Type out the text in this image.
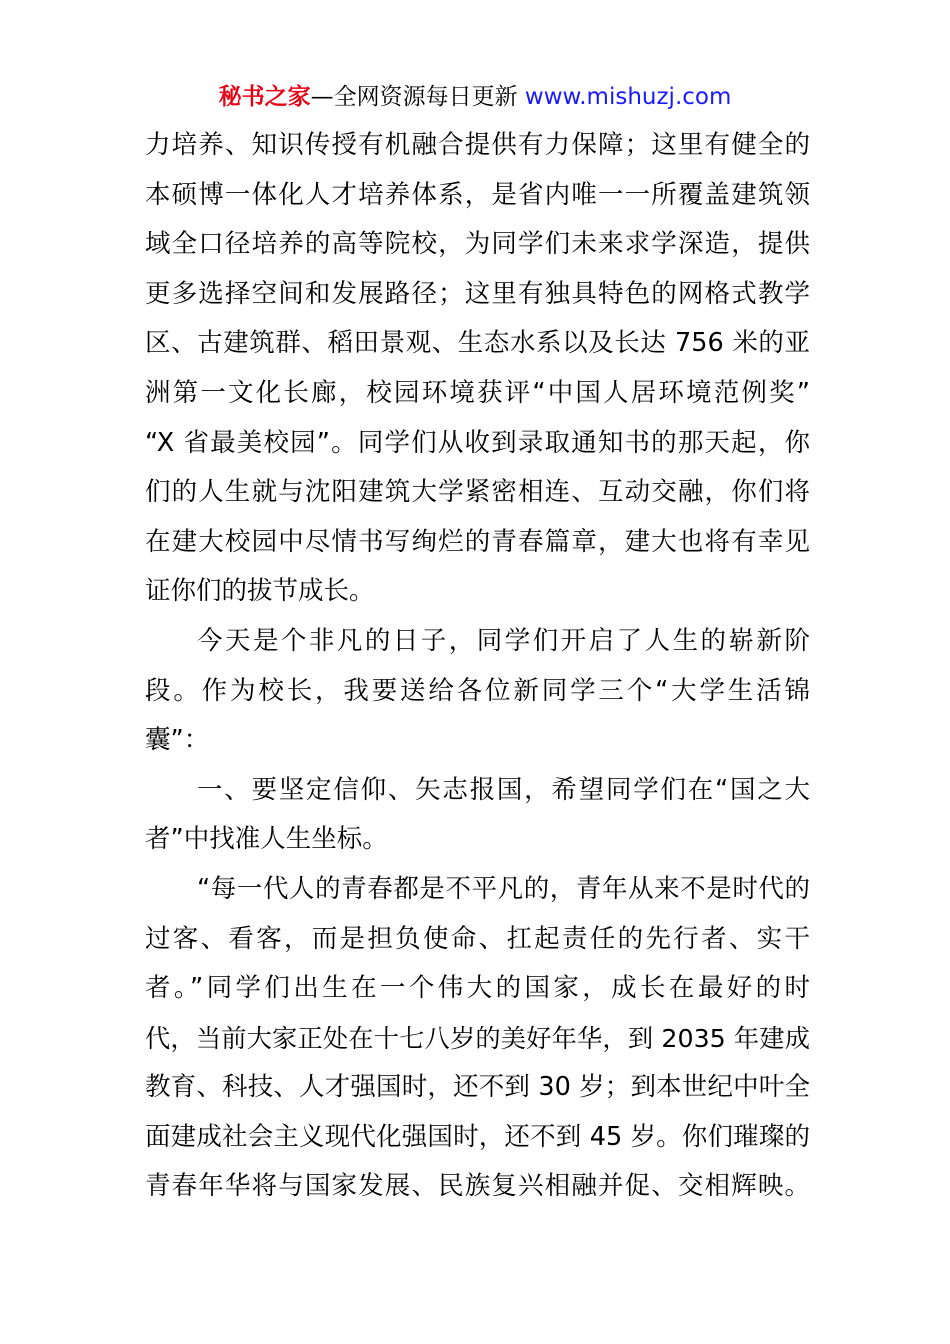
秘书之家—全网资源每日更新 www.mishuzj.com
力培养、知识传授有机融合提供有力保障；这里有健全的
本硕博一体化人才培养体系，是省内唯一一所覆盖建筑领
域全口径培养的高等院校，为同学们未来求学深造，提供
更多选择空间和发展路径；这里有独具特色的网格式教学
区、古建筑群、稻田景观、生态水系以及长达 756 米的亚
洲第一文化长廊，校园环境获评“中国人居环境范例奖”
“X 省最美校园”。同学们从收到录取通知书的那天起，你
们的人生就与沈阳建筑大学紧密相连、互动交融，你们将
在建大校园中尽情书写绚烂的青春篇章，建大也将有幸见
证你们的拔节成长。
今天是个非凡的日子，同学们开启了人生的崭新阶
段。作为校长，我要送给各位新同学三个“大学生活锦
囊”：
一、要坚定信仰、矢志报国，希望同学们在“国之大
者”中找准人生坐标。
“每一代人的青春都是不平凡的，青年从来不是时代的
过客、看客，而是担负使命、扛起责任的先行者、实干
者。”同学们出生在一个伟大的国家，成长在最好的时
代，当前大家正处在十七八岁的美好年华，到 2035 年建成
教育、科技、人才强国时，还不到 30 岁；到本世纪中叶全
面建成社会主义现代化强国时，还不到 45 岁。你们璀璨的
青春年华将与国家发展、民族复兴相融并促、交相辉映。
